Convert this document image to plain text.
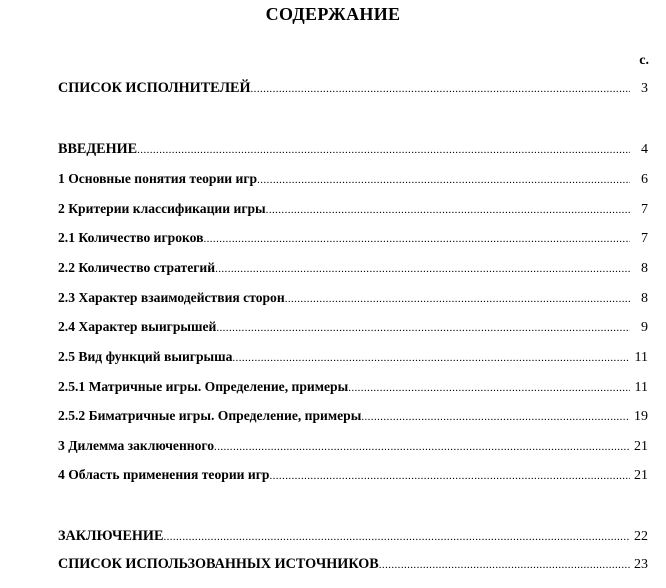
СОДЕРЖАНИЕ
с.
СПИСОК ИСПОЛНИТЕЛЕЙ .....	3
ВВЕДЕНИЕ .....	4
1 Основные понятия теории игр .....	6
2 Критерии классификации игры .....	7
2.1 Количество игроков .....	7
2.2 Количество стратегий .....	8
2.3 Характер взаимодействия сторон .....	8
2.4 Характер выигрышей .....	9
2.5 Вид функций выигрыша .....	11
2.5.1 Матричные игры. Определение, примеры .....	11
2.5.2 Биматричные игры. Определение, примеры .....	19
3 Дилемма заключенного .....	21
4 Область применения теории игр .....	21
ЗАКЛЮЧЕНИЕ .....	22
СПИСОК ИСПОЛЬЗОВАННЫХ ИСТОЧНИКОВ .....	23
